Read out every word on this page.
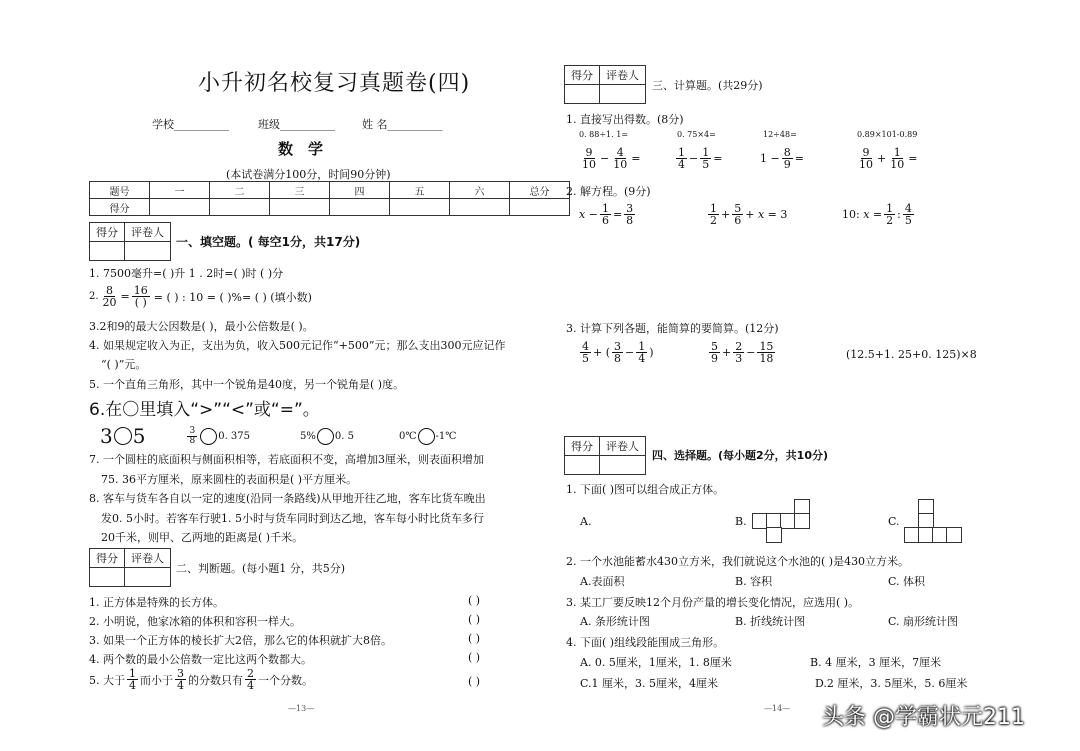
小升初名校复习真题卷(四)
学校__________	班级__________ 姓 名__________
数　学
(本试卷满分100分，时间90分钟)
题号	一	二	三	四	五	六	总分
得分							
得分	评卷人

一、填空题。( 每空1分，共17分)
1. 7500毫升=( )升 1 . 2时=( )时 ( )分
2. $\frac{8}{20} = \frac{16}{( )}$ = ( ) : 10 = ( )%= ( ) (填小数)
3.2和9的最大公因数是( )，最小公倍数是( )。
4. 如果规定收入为正，支出为负，收入500元记作“+500”元；那么支出300元应记作
“( )”元。
5. 一个直角三角形，其中一个锐角是40度，另一个锐角是( )度。
6.在〇里填入“>”“<”或“=”。
3 5	$\frac{3}{8} 0$. 375	5% 0. 5	0℃ -1℃
7. 一个圆柱的底面积与侧面积相等，若底面积不变，高增加3厘米，则表面积增加
75. 36平方厘米，原来圆柱的表面积是( )平方厘米。
8. 客车与货车各自以一定的速度(沿同一条路线)从甲地开往乙地，客车比货车晚出
发0. 5小时。若客车行驶1. 5小时与货车同时到达乙地，客车每小时比货车多行
20千米，则甲、乙两地的距离是( )千米。
得分	评卷人

二、判断题。(每小题1 分，共5分)
1. 正方体是特殊的长方体。	( )
2. 小明说，他家冰箱的体积和容积一样大。	( )
3. 如果一个正方体的棱长扩大2倍，那么它的体积就扩大8倍。	( )
4. 两个数的最小公倍数一定比这两个数都大。	( )
5. 大于 $\frac{1}{4}$ 而小于 $\frac{3}{4}$ 的分数只有 $\frac{2}{4}$ 一个分数。	( )
—13—
得分	评卷人

三、计算题。(共29分)
1. 直接写出得数。(8分)
0. 88÷1. 1=	0. 75×4=	12÷48=	0.89×101-0.89
$\frac{9}{10} - \frac{4}{10}$ =	$\frac{1}{4} - \frac{1}{5}$ =	$1 - \frac{8}{9}$ =	$\frac{9}{10} + \frac{1}{10}$ =
2. 解方程。(9分)
$x - \frac{1}{6} = \frac{3}{8}$	$\frac{1}{2} + \frac{5}{6} + x = 3$	10: $x = \frac{1}{2}$ : $\frac{4}{5}$
3. 计算下列各题，能简算的要简算。(12分)
$\frac{4}{5}$ + ( $\frac{3}{8} - \frac{1}{4}$ )	$\frac{5}{9} + \frac{2}{3} - \frac{15}{18}$	(12.5+1. 25+0. 125)×8
得分	评卷人

四、选择题。(每小题2分，共10分)
1. 下面( )图可以组合成正方体。
A.	B.	C.
2. 一个水池能蓄水430立方米，我们就说这个水池的( )是430立方米。
A.表面积	B. 容积	C. 体积
3. 某工厂要反映12个月份产量的增长变化情况，应选用( )。
A. 条形统计图	B. 折线统计图	C. 扇形统计图
4. 下面( )组线段能围成三角形。
A. 0. 5厘米，1厘米，1. 8厘米	B. 4 厘米，3 厘米，7厘米
C.1 厘米，3. 5厘米，4厘米	D.2 厘米，3. 5厘米，5. 6厘米
—14— 头条 @学霸状元211
